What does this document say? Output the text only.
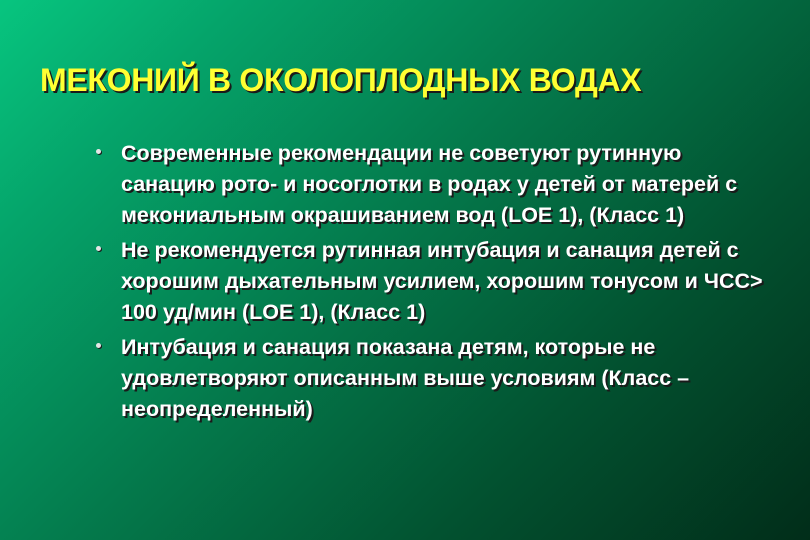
МЕКОНИЙ В ОКОЛОПЛОДНЫХ ВОДАХ
Современные рекомендации не советуют рутинную санацию рото- и носоглотки в родах у детей от матерей с мекониальным окрашиванием вод (LOE 1), (Класс 1)
Не рекомендуется рутинная интубация и санация детей с хорошим дыхательным усилием, хорошим тонусом и ЧСС> 100 уд/мин (LOE 1), (Класс 1)
Интубация и санация показана детям, которые не удовлетворяют описанным выше условиям (Класс – неопределенный)
